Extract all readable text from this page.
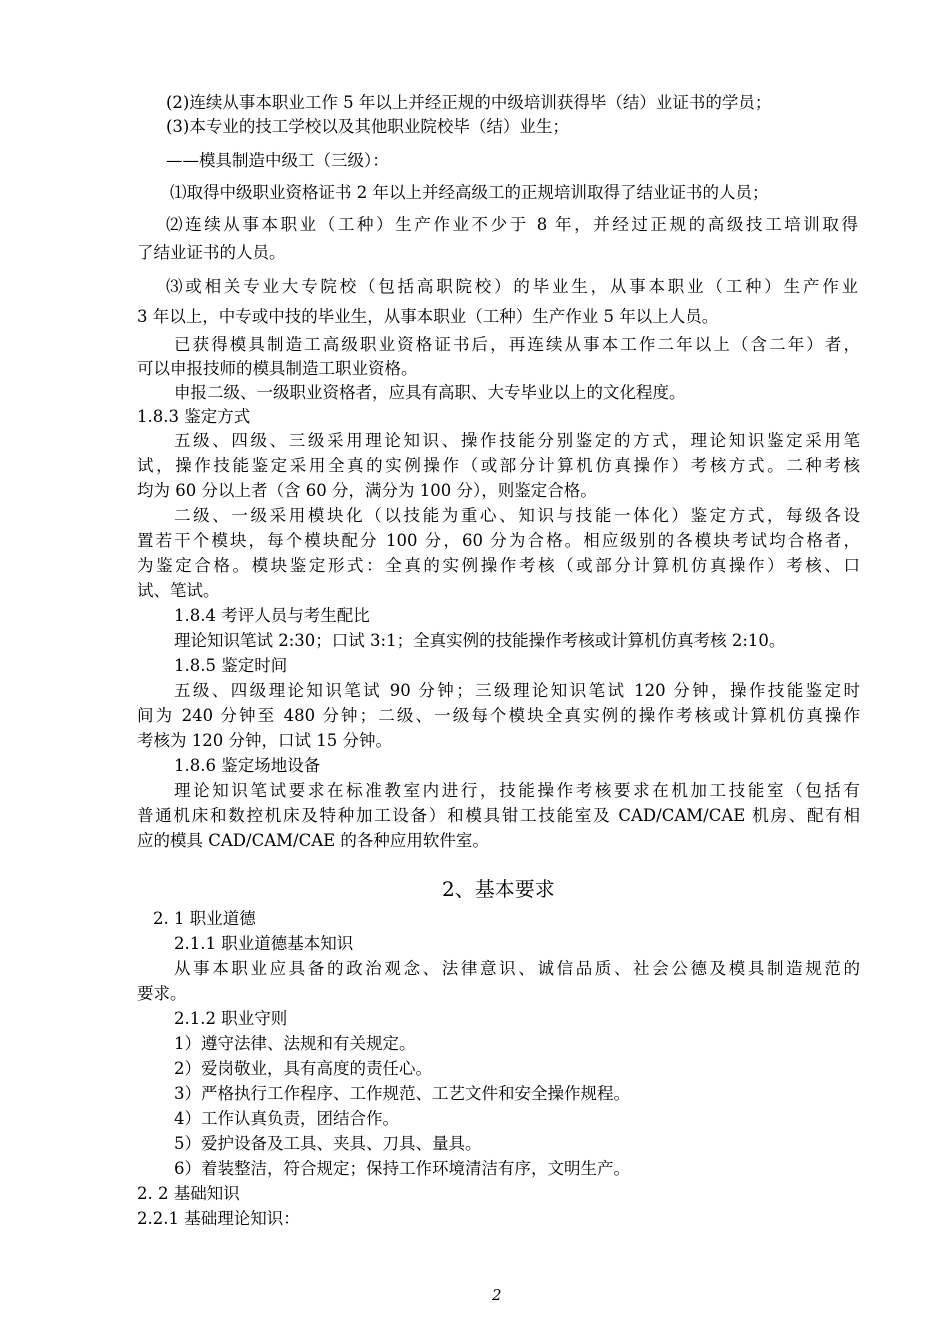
(2)连续从事本职业工作 5 年以上并经正规的中级培训获得毕（结）业证书的学员；
(3)本专业的技工学校以及其他职业院校毕（结）业生；
——模具制造中级工（三级）：
⑴取得中级职业资格证书 2 年以上并经高级工的正规培训取得了结业证书的人员；
⑵连续从事本职业（工种）生产作业不少于 8 年，并经过正规的高级技工培训取得
了结业证书的人员。
⑶或相关专业大专院校（包括高职院校）的毕业生，从事本职业（工种）生产作业
3 年以上，中专或中技的毕业生，从事本职业（工种）生产作业 5 年以上人员。
已获得模具制造工高级职业资格证书后，再连续从事本工作二年以上（含二年）者，
可以申报技师的模具制造工职业资格。
申报二级、一级职业资格者，应具有高职、大专毕业以上的文化程度。
1.8.3 鉴定方式
五级、四级、三级采用理论知识、操作技能分别鉴定的方式，理论知识鉴定采用笔
试，操作技能鉴定采用全真的实例操作（或部分计算机仿真操作）考核方式。二种考核
均为 60 分以上者（含 60 分，满分为 100 分），则鉴定合格。
二级、一级采用模块化（以技能为重心、知识与技能一体化）鉴定方式，每级各设
置若干个模块，每个模块配分 100 分，60 分为合格。相应级别的各模块考试均合格者，
为鉴定合格。模块鉴定形式：全真的实例操作考核（或部分计算机仿真操作）考核、口
试、笔试。
1.8.4 考评人员与考生配比
理论知识笔试 2:30；口试 3:1；全真实例的技能操作考核或计算机仿真考核 2:10。
1.8.5 鉴定时间
五级、四级理论知识笔试 90 分钟；三级理论知识笔试 120 分钟，操作技能鉴定时
间为 240 分钟至 480 分钟；二级、一级每个模块全真实例的操作考核或计算机仿真操作
考核为 120 分钟，口试 15 分钟。
1.8.6 鉴定场地设备
理论知识笔试要求在标准教室内进行，技能操作考核要求在机加工技能室（包括有
普通机床和数控机床及特种加工设备）和模具钳工技能室及 CAD/CAM/CAE 机房、配有相
应的模具 CAD/CAM/CAE 的各种应用软件室。
2、基本要求
2. 1 职业道德
2.1.1 职业道德基本知识
从事本职业应具备的政治观念、法律意识、诚信品质、社会公德及模具制造规范的
要求。
2.1.2 职业守则
1）遵守法律、法规和有关规定。
2）爱岗敬业，具有高度的责任心。
3）严格执行工作程序、工作规范、工艺文件和安全操作规程。
4）工作认真负责，团结合作。
5）爱护设备及工具、夹具、刀具、量具。
6）着装整洁，符合规定；保持工作环境清洁有序，文明生产。
2. 2 基础知识
2.2.1 基础理论知识：
2
